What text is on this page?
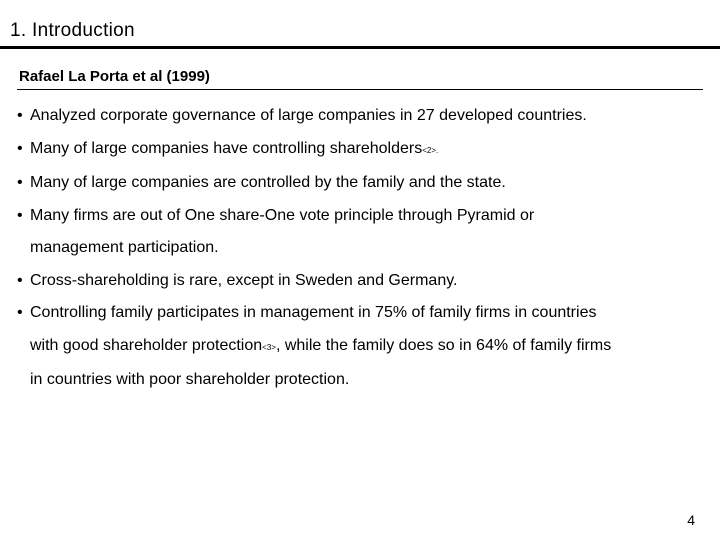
1. Introduction
Rafael La Porta et al (1999)
• Analyzed corporate governance of large companies in 27 developed countries.
• Many of large companies have controlling shareholders<2>.
• Many of large companies are controlled by the family and the state.
• Many firms are out of One share-One vote principle through Pyramid or
management participation.
• Cross-shareholding is rare, except in Sweden and Germany.
• Controlling family participates in management in 75% of family firms in countries
with good shareholder protection<3>, while the family does so in 64% of family firms
in countries with poor shareholder protection.
4
